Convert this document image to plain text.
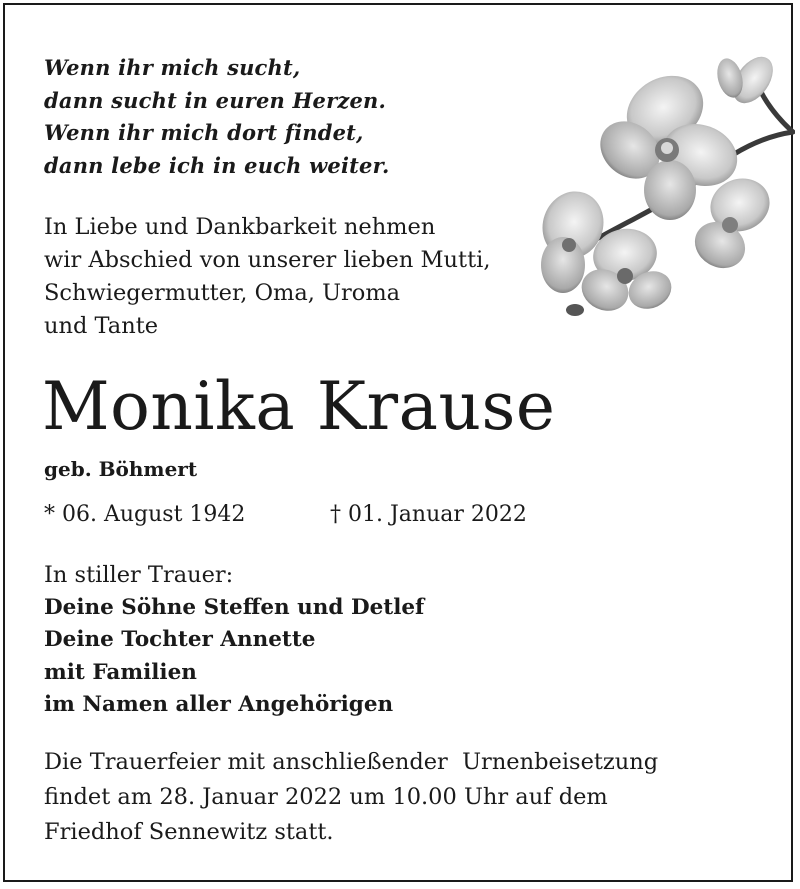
Wenn ihr mich sucht,
dann sucht in euren Herzen.
Wenn ihr mich dort findet,
dann lebe ich in euch weiter.
In Liebe und Dankbarkeit nehmen
wir Abschied von unserer lieben Mutti,
Schwiegermutter, Oma, Uroma
und Tante
Monika Krause
geb. Böhmert
* 06. August 1942	† 01. Januar 2022
In stiller Trauer:
Deine Söhne Steffen und Detlef
Deine Tochter Annette
mit Familien
im Namen aller Angehörigen
Die Trauerfeier mit anschließender  Urnenbeisetzung
findet am 28. Januar 2022 um 10.00 Uhr auf dem
Friedhof Sennewitz statt.
